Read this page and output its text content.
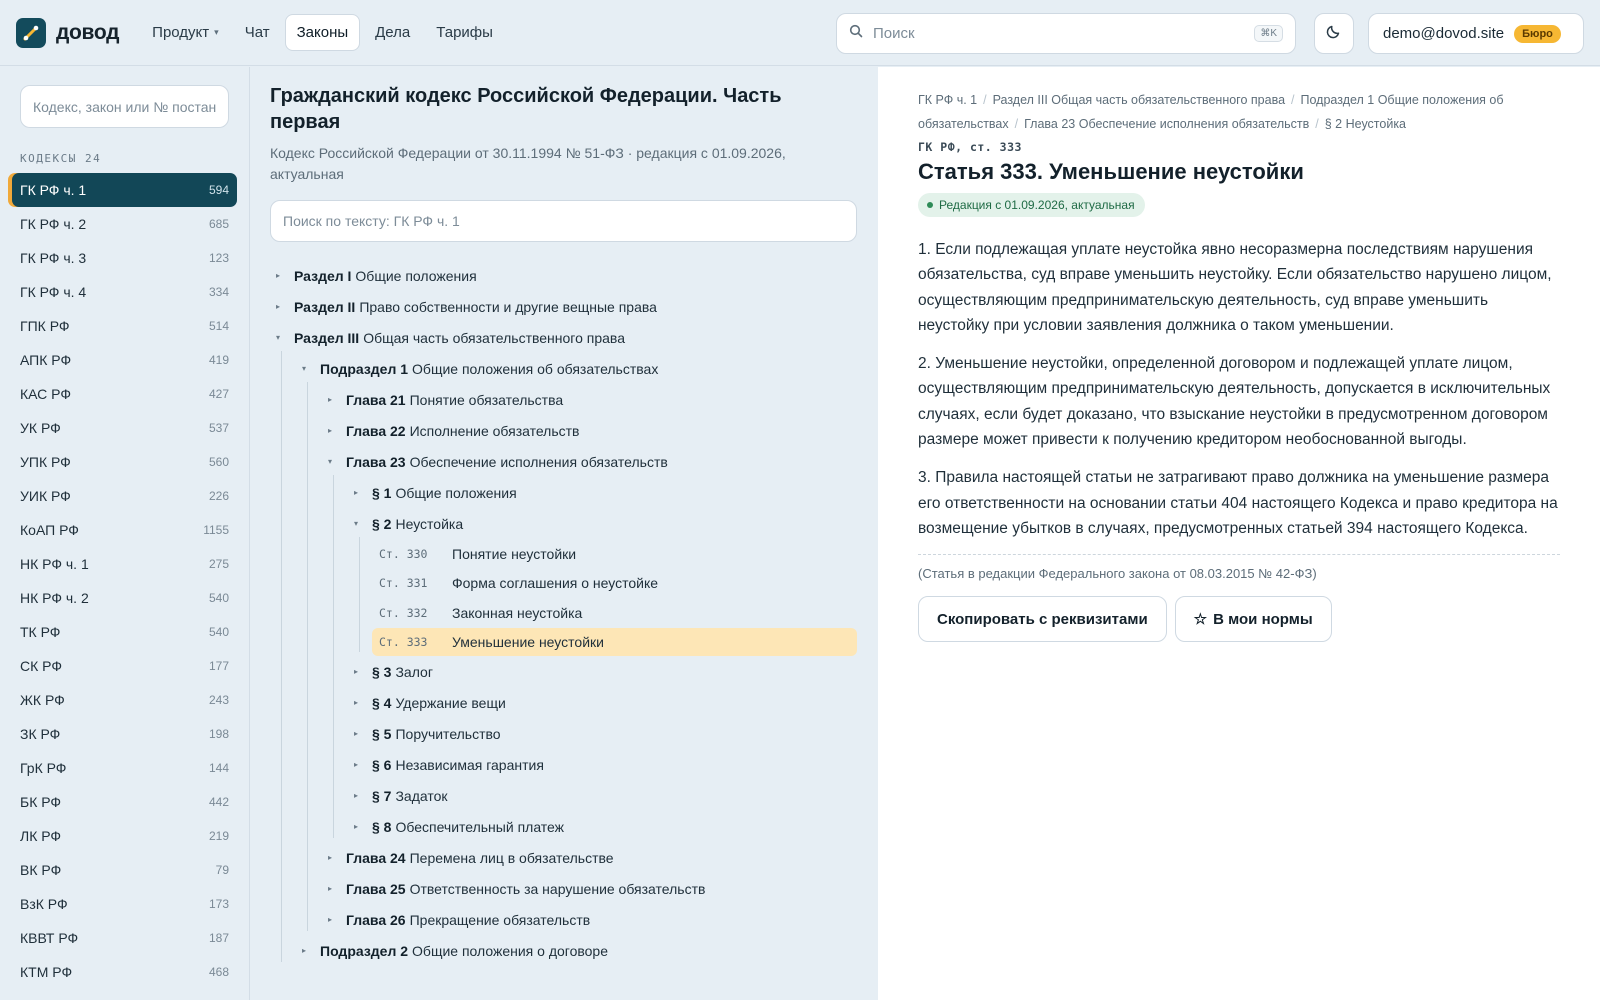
довод Продукт ▾ Чат Законы Дела Тарифы
Поиск	⌘K	demo@dovod.site	Бюро
Кодекс, закон или № постановления
КОДЕКСЫ 24
ГК РФ ч. 1	594
ГК РФ ч. 2	685
ГК РФ ч. 3	123
ГК РФ ч. 4	334
ГПК РФ	514
АПК РФ	419
КАС РФ	427
УК РФ	537
УПК РФ	560
УИК РФ	226
КоАП РФ	1155
НК РФ ч. 1	275
НК РФ ч. 2	540
ТК РФ	540
СК РФ	177
ЖК РФ	243
ЗК РФ	198
ГрК РФ	144
БК РФ	442
ЛК РФ	219
ВК РФ	79
ВзК РФ	173
КВВТ РФ	187
КТМ РФ	468
Гражданский кодекс Российской Федерации. Часть первая
Кодекс Российской Федерации от 30.11.1994 № 51-ФЗ · редакция с 01.09.2026, актуальная
Поиск по тексту: ГК РФ ч. 1
▸	Раздел I Общие положения
▸	Раздел II Право собственности и другие вещные права
▾	Раздел III Общая часть обязательственного права
▾	Подраздел 1 Общие положения об обязательствах
▸	Глава 21 Понятие обязательства
▸	Глава 22 Исполнение обязательств
▾	Глава 23 Обеспечение исполнения обязательств
▸	§ 1 Общие положения
▾	§ 2 Неустойка
Ст. 330	Понятие неустойки
Ст. 331	Форма соглашения о неустойке
Ст. 332	Законная неустойка
Ст. 333	Уменьшение неустойки
▸	§ 3 Залог
▸	§ 4 Удержание вещи
▸	§ 5 Поручительство
▸	§ 6 Независимая гарантия
▸	§ 7 Задаток
▸	§ 8 Обеспечительный платеж
▸	Глава 24 Перемена лиц в обязательстве
▸	Глава 25 Ответственность за нарушение обязательств
▸	Глава 26 Прекращение обязательств
▸	Подраздел 2 Общие положения о договоре
ГК РФ ч. 1 / Раздел III Общая часть обязательственного права / Подраздел 1 Общие положения об обязательствах / Глава 23 Обеспечение исполнения обязательств / § 2 Неустойка
ГК РФ, ст. 333
Статья 333. Уменьшение неустойки
Редакция с 01.09.2026, актуальная

1. Если подлежащая уплате неустойка явно несоразмерна последствиям нарушения обязательства, суд вправе уменьшить неустойку. Если обязательство нарушено лицом, осуществляющим предпринимательскую деятельность, суд вправе уменьшить неустойку при условии заявления должника о таком уменьшении.

2. Уменьшение неустойки, определенной договором и подлежащей уплате лицом, осуществляющим предпринимательскую деятельность, допускается в исключительных случаях, если будет доказано, что взыскание неустойки в предусмотренном договором размере может привести к получению кредитором необоснованной выгоды.

3. Правила настоящей статьи не затрагивают право должника на уменьшение размера его ответственности на основании статьи 404 настоящего Кодекса и право кредитора на возмещение убытков в случаях, предусмотренных статьей 394 настоящего Кодекса.

(Статья в редакции Федерального закона от 08.03.2015 № 42-ФЗ)
Скопировать с реквизитами	☆ В мои нормы
